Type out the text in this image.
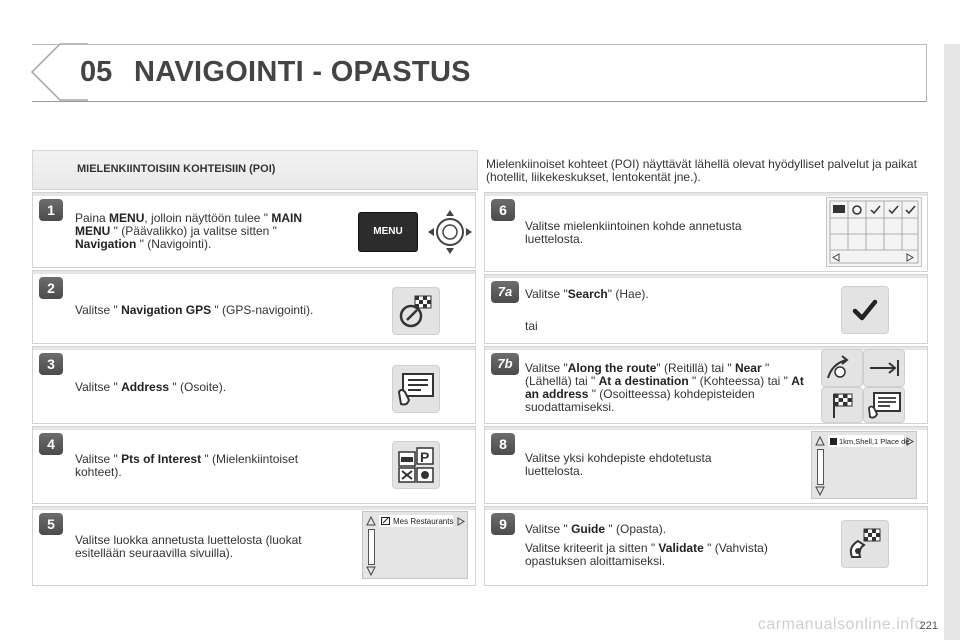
05 NAVIGOINTI - OPASTUS
MIELENKIINTOISIIN KOHTEISIIN (POI)	Mielenkiinoiset kohteet (POI) näyttävät lähellä olevat hyödylliset palvelut ja paikat (hotellit, liikekeskukset, lentokentät jne.).
1	Paina MENU, jolloin näyttöön tulee " MAIN MENU " (Päävalikko) ja valitse sitten " Navigation " (Navigointi).
MENU
2
Valitse " Navigation GPS " (GPS-navigointi).
3
Valitse " Address " (Osoite).
4
Valitse " Pts of Interest " (Mielenkiintoiset kohteet).
P
5
Valitse luokka annetusta luettelosta (luokat esitellään seuraavilla sivuilla).
Mes Restaurants
6
Valitse mielenkiintoinen kohde annetusta luettelosta.
7a	Valitse "Search" (Hae).
tai
7b	Valitse "Along the route" (Reitillä) tai " Near " (Lähellä) tai " At a destination " (Kohteessa) tai " At an address " (Osoitteessa) kohdepisteiden suodattamiseksi.
8
Valitse yksi kohdepiste ehdotetusta luettelosta.
1km,Shell,1 Place de
9	Valitse " Guide " (Opasta).
Valitse kriteerit ja sitten " Validate " (Vahvista) opastuksen aloittamiseksi.
carmanualsonline.info
221
